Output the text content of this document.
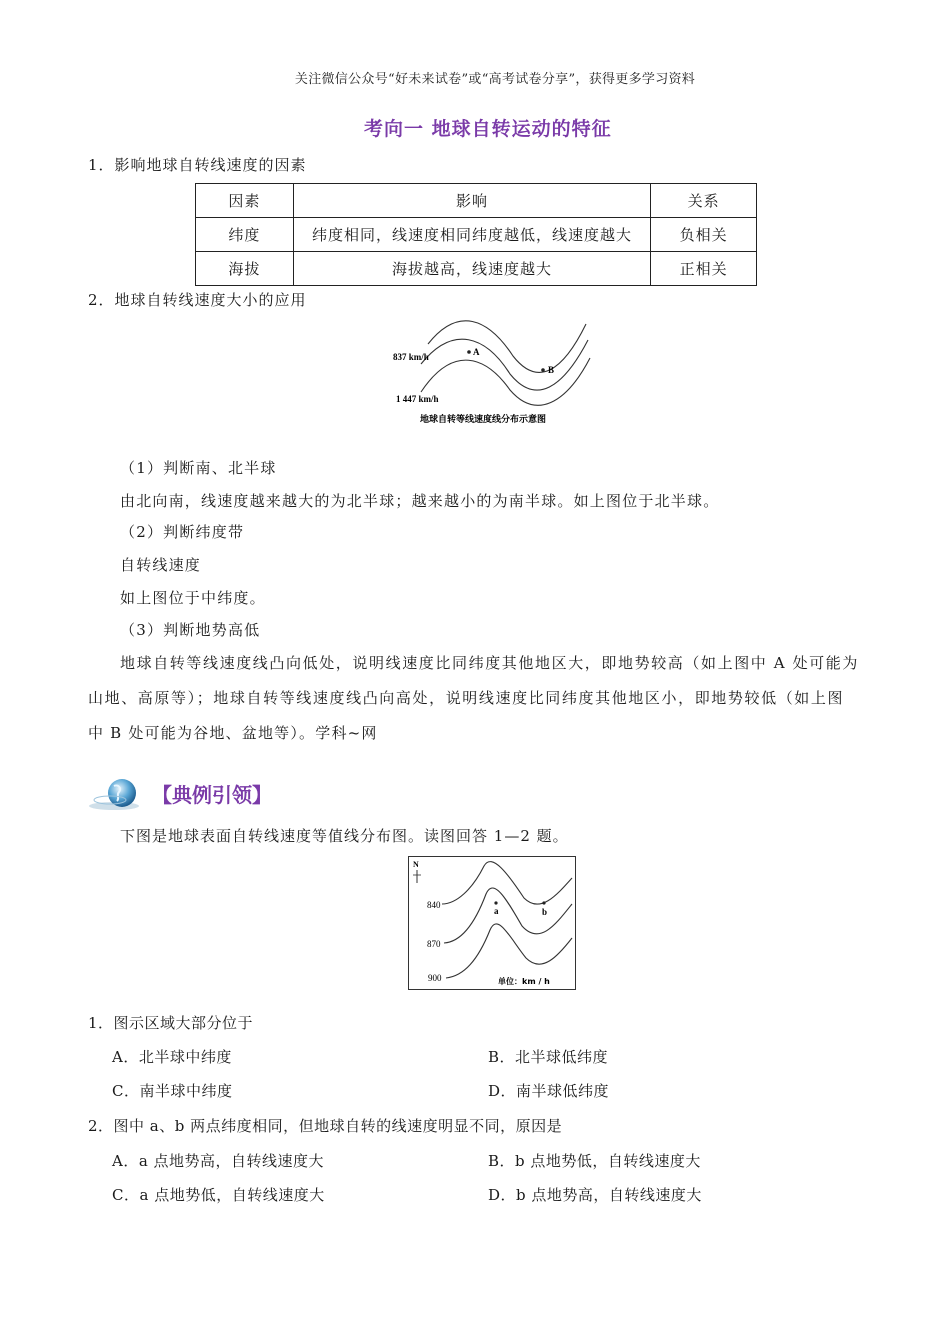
关注微信公众号“好未来试卷”或“高考试卷分享”，获得更多学习资料
考向一 地球自转运动的特征
1．影响地球自转线速度的因素
因素	影响	关系
纬度	纬度相同，线速度相同纬度越低，线速度越大	负相关
海拔	海拔越高，线速度越大	正相关
2．地球自转线速度大小的应用
A
B
837 km/h
1 447 km/h
地球自转等线速度线分布示意图
（1）判断南、北半球
由北向南，线速度越来越大的为北半球；越来越小的为南半球。如上图位于北半球。
（2）判断纬度带
自转线速度
如上图位于中纬度。
（3）判断地势高低
地球自转等线速度线凸向低处，说明线速度比同纬度其他地区大，即地势较高（如上图中 A 处可能为
山地、高原等）；地球自转等线速度线凸向高处，说明线速度比同纬度其他地区小，即地势较低（如上图
中 B 处可能为谷地、盆地等）。学科~网
【典例引领】
下图是地球表面自转线速度等值线分布图。读图回答 1—2 题。
N
840
870
900
a	b
单位：km / h
1．图示区域大部分位于
A．北半球中纬度	B．北半球低纬度
C．南半球中纬度	D．南半球低纬度
2．图中 a、b 两点纬度相同，但地球自转的线速度明显不同，原因是
A．a 点地势高，自转线速度大	B．b 点地势低，自转线速度大
C．a 点地势低，自转线速度大	D．b 点地势高，自转线速度大
